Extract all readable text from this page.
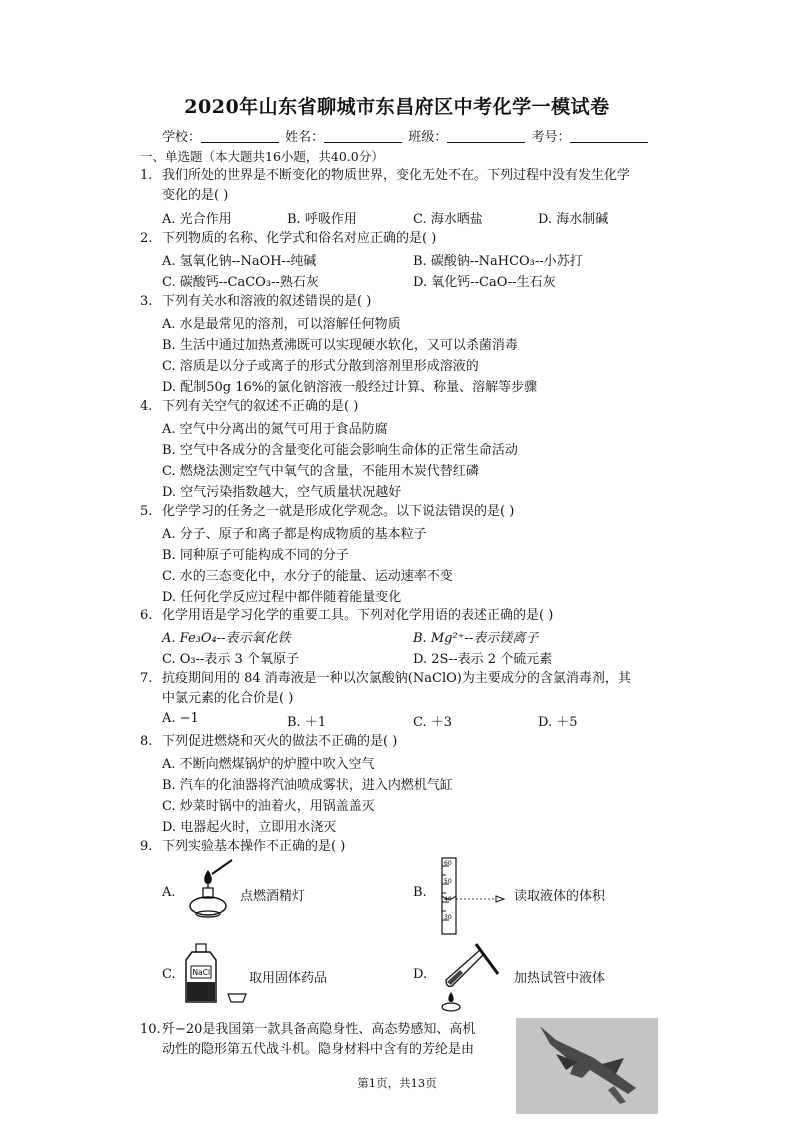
2020年山东省聊城市东昌府区中考化学一模试卷
学校：	姓名：	班级：	考号：
一、单选题（本大题共16小题，共40.0分）
1. 我们所处的世界是不断变化的物质世界，变化无处不在。下列过程中没有发生化学
变化的是( )
A. 光合作用	B. 呼吸作用	C. 海水晒盐	D. 海水制碱
2. 下列物质的名称、化学式和俗名对应正确的是( )
A. 氢氧化钠--NaOH--纯碱	B. 碳酸钠--NaHCO₃--小苏打
C. 碳酸钙--CaCO₃--熟石灰	D. 氧化钙--CaO--生石灰
3. 下列有关水和溶液的叙述错误的是( )
A. 水是最常见的溶剂，可以溶解任何物质
B. 生活中通过加热煮沸既可以实现硬水软化，又可以杀菌消毒
C. 溶质是以分子或离子的形式分散到溶剂里形成溶液的
D. 配制50g 16%的氯化钠溶液一般经过计算、称量、溶解等步骤
4. 下列有关空气的叙述不正确的是( )
A. 空气中分离出的氮气可用于食品防腐
B. 空气中各成分的含量变化可能会影响生命体的正常生命活动
C. 燃烧法测定空气中氧气的含量，不能用木炭代替红磷
D. 空气污染指数越大，空气质量状况越好
5. 化学学习的任务之一就是形成化学观念。以下说法错误的是( )
A. 分子、原子和离子都是构成物质的基本粒子
B. 同种原子可能构成不同的分子
C. 水的三态变化中，水分子的能量、运动速率不变
D. 任何化学反应过程中都伴随着能量变化
6. 化学用语是学习化学的重要工具。下列对化学用语的表述正确的是( )
A. Fe₃O₄--表示氧化铁	B. Mg²⁺--表示镁离子
C. O₃--表示 3 个氧原子	D. 2S--表示 2 个硫元素
7. 抗疫期间用的 84 消毒液是一种以次氯酸钠(NaClO)为主要成分的含氯消毒剂，其
中氯元素的化合价是( )
A. −1	B. ＋1	C. ＋3	D. ＋5
8. 下列促进燃烧和灭火的做法不正确的是( )
A. 不断向燃煤锅炉的炉膛中吹入空气
B. 汽车的化油器将汽油喷成雾状，进入内燃机气缸
C. 炒菜时锅中的油着火，用锅盖盖灭
D. 电器起火时，立即用水浇灭
9. 下列实验基本操作不正确的是( )
A.	点燃酒精灯	B.
60
50
40
30
读取液体的体积
C. NaCl	取用固体药品	D.	加热试管中液体
10. 歼−20是我国第一款具备高隐身性、高态势感知、高机
动性的隐形第五代战斗机。隐身材料中含有的芳纶是由
第1页，共13页
